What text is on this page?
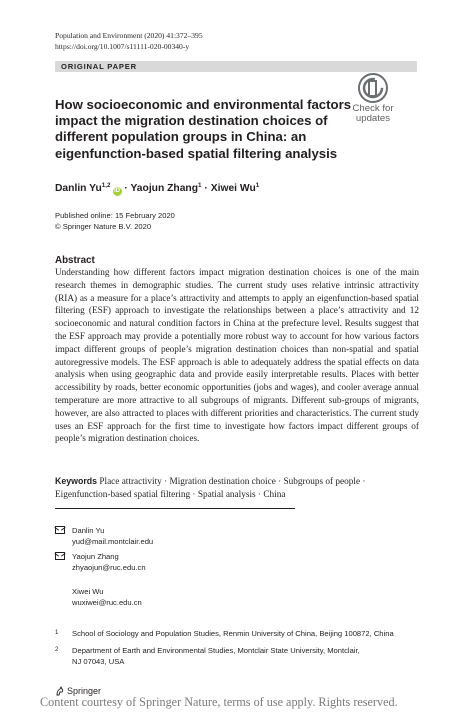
Population and Environment (2020) 41:372–395
https://doi.org/10.1007/s11111-020-00340-y
ORIGINAL PAPER
Check for
updates
How socioeconomic and environmental factors impact the migration destination choices of different population groups in China: an eigenfunction-based spatial filtering analysis
Danlin Yu$^{1,2}$iD · Yaojun Zhang$^1$ · Xiwei Wu$^1$
Published online: 15 February 2020
© Springer Nature B.V. 2020
Abstract

Understanding how different factors impact migration destination choices is one of the main research themes in demographic studies. The current study uses relative intrinsic attractivity (RIA) as a measure for a place’s attractivity and attempts to apply an eigenfunction-based spatial filtering (ESF) approach to investigate the relationships between a place’s attractivity and 12 socioeconomic and natural condition factors in China at the prefecture level. Results suggest that the ESF approach may provide a potentially more robust way to account for how various factors impact different groups of people’s migration destination choices than non-spatial and spatial autoregressive models. The ESF approach is able to adequately address the spatial effects on data analysis when using geographic data and provide easily interpretable results. Places with better accessibility by roads, better economic opportunities (jobs and wages), and cooler average annual temperature are more attractive to all subgroups of migrants. Different sub-groups of migrants, however, are also attracted to places with different priorities and characteristics. The current study uses an ESF approach for the first time to investigate how factors impact different groups of people’s migration destination choices.

Keywords Place attractivity · Migration destination choice · Subgroups of people · Eigenfunction-based spatial filtering · Spatial analysis · China

Danlin Yu
yud@mail.montclair.edu
Yaojun Zhang
zhyaojun@ruc.edu.cn
Xiwei Wu
wuxiwei@ruc.edu.cn
1 School of Sociology and Population Studies, Renmin University of China, Beijing 100872, China
2 Department of Earth and Environmental Studies, Montclair State University, Montclair,
NJ 07043, USA
Springer
Content courtesy of Springer Nature, terms of use apply. Rights reserved.
